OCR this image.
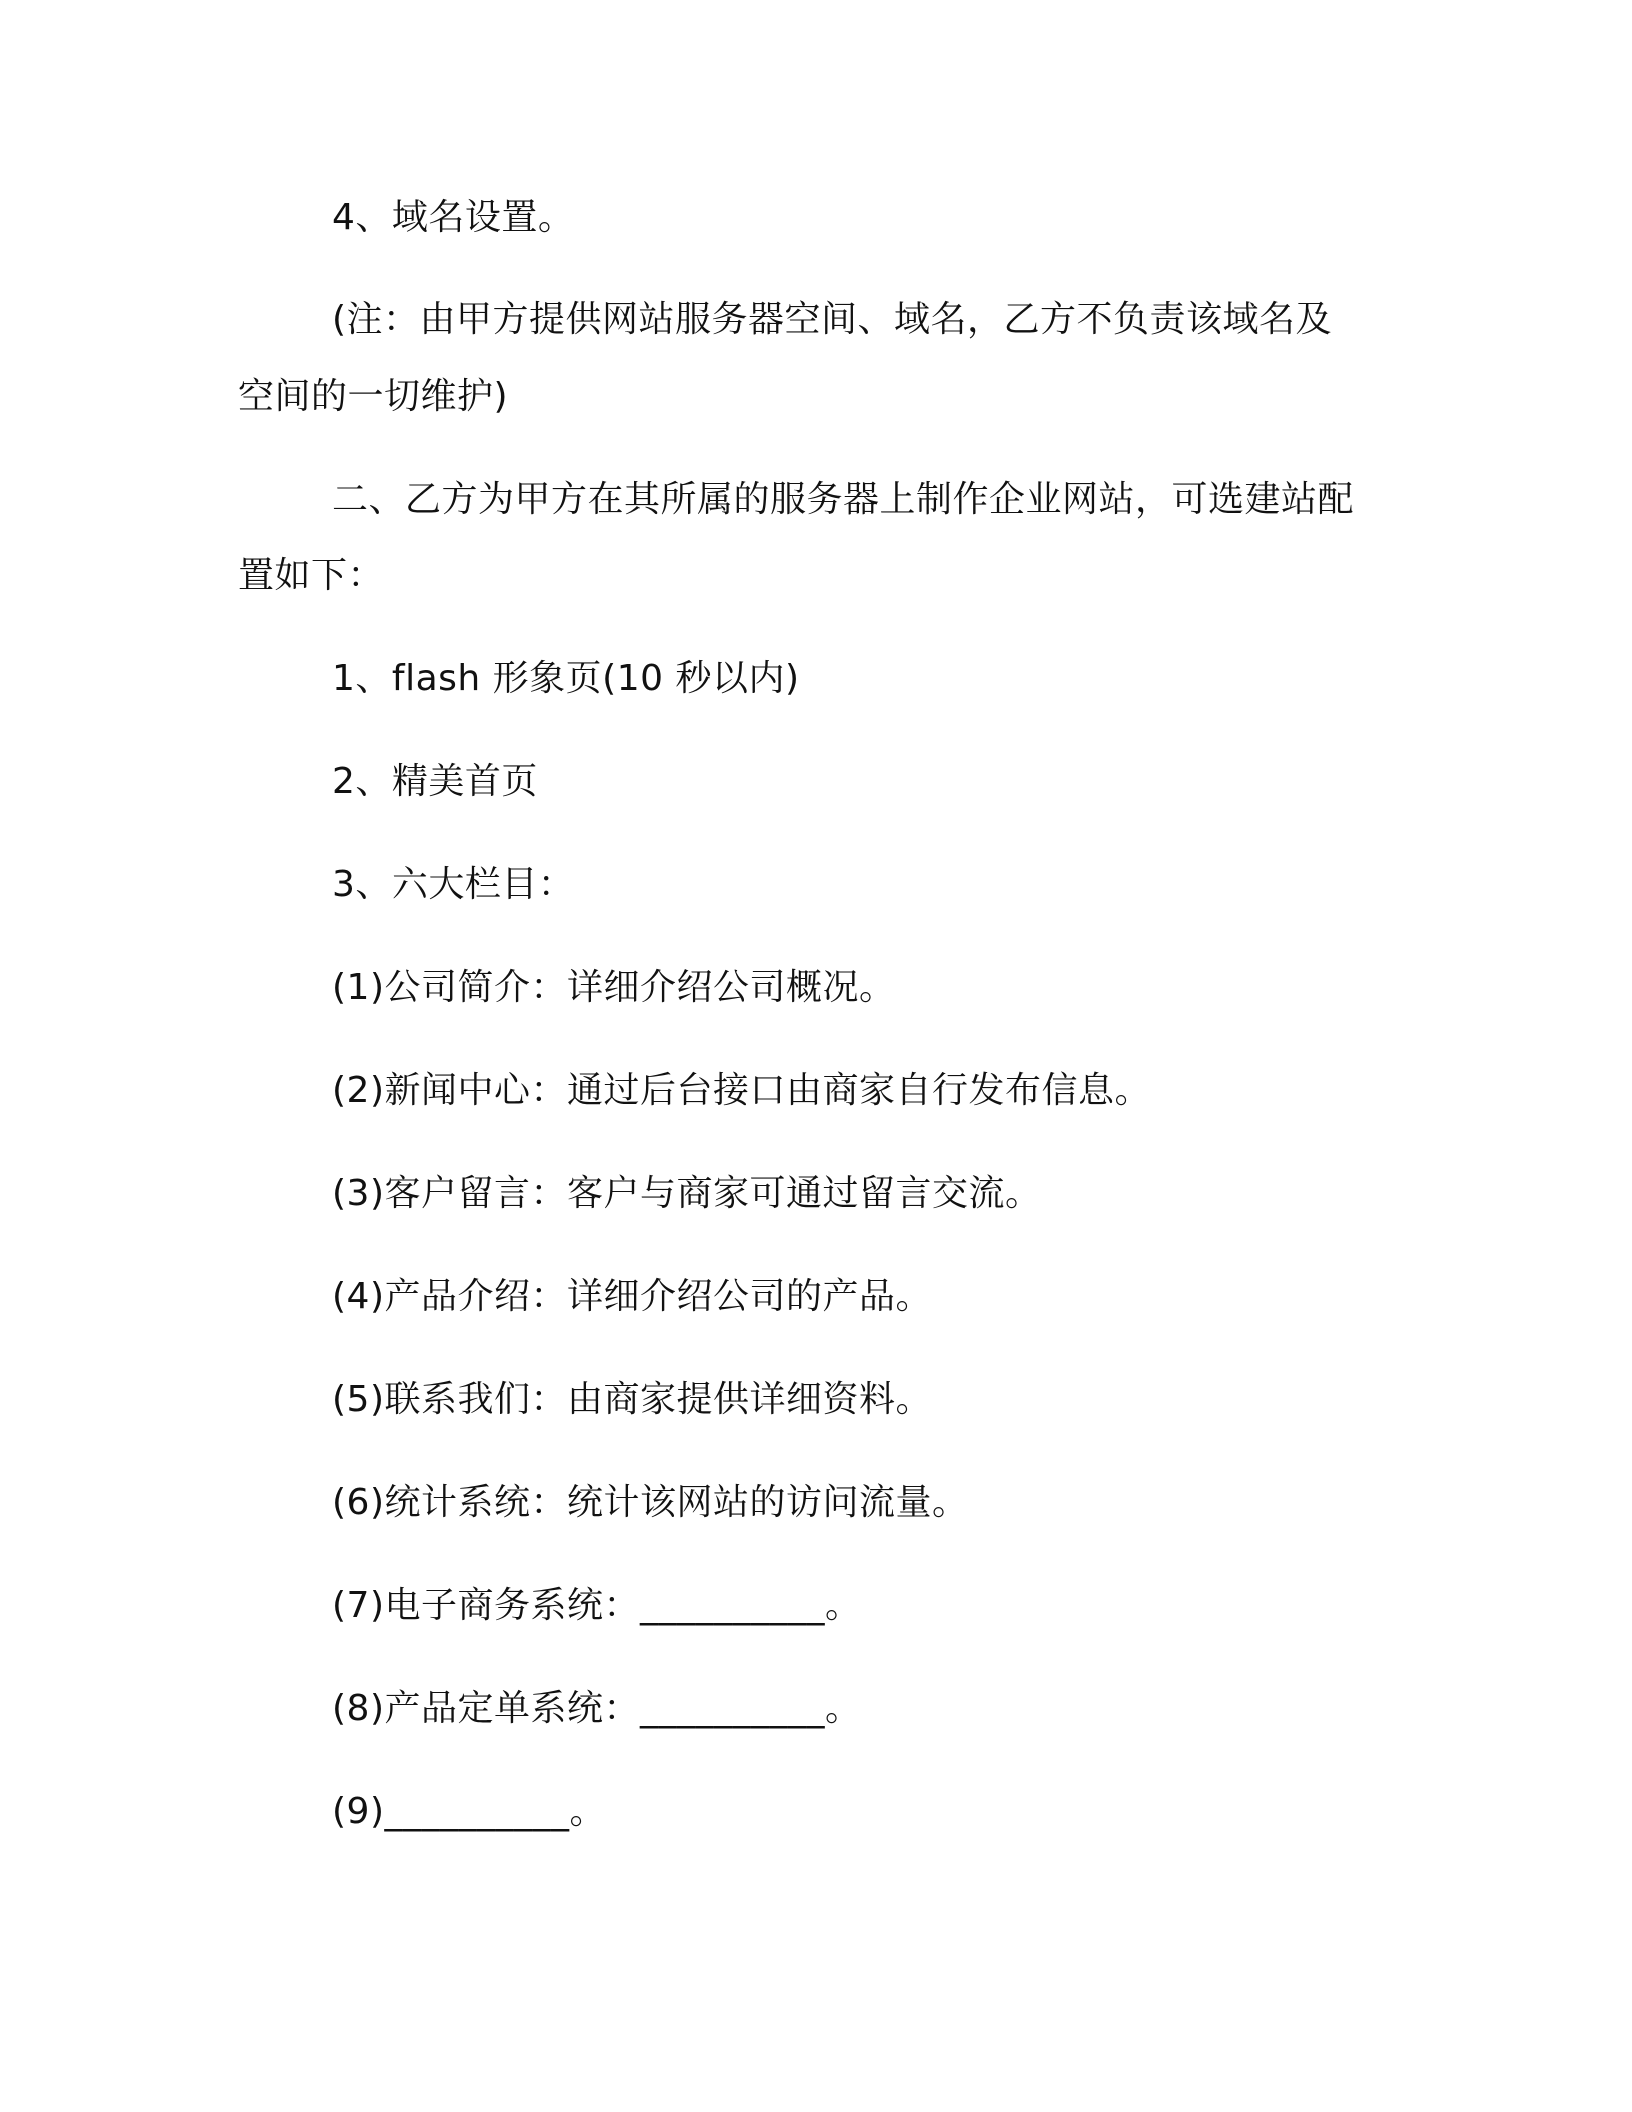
4、域名设置。
(注：由甲方提供网站服务器空间、域名，乙方不负责该域名及
空间的一切维护)
二、乙方为甲方在其所属的服务器上制作企业网站，可选建站配
置如下：
1、flash 形象页(10 秒以内)
2、精美首页
3、六大栏目：
(1)公司简介：详细介绍公司概况。
(2)新闻中心：通过后台接口由商家自行发布信息。
(3)客户留言：客户与商家可通过留言交流。
(4)产品介绍：详细介绍公司的产品。
(5)联系我们：由商家提供详细资料。
(6)统计系统：统计该网站的访问流量。
(7)电子商务系统：__________。
(8)产品定单系统：__________。
(9)__________。
